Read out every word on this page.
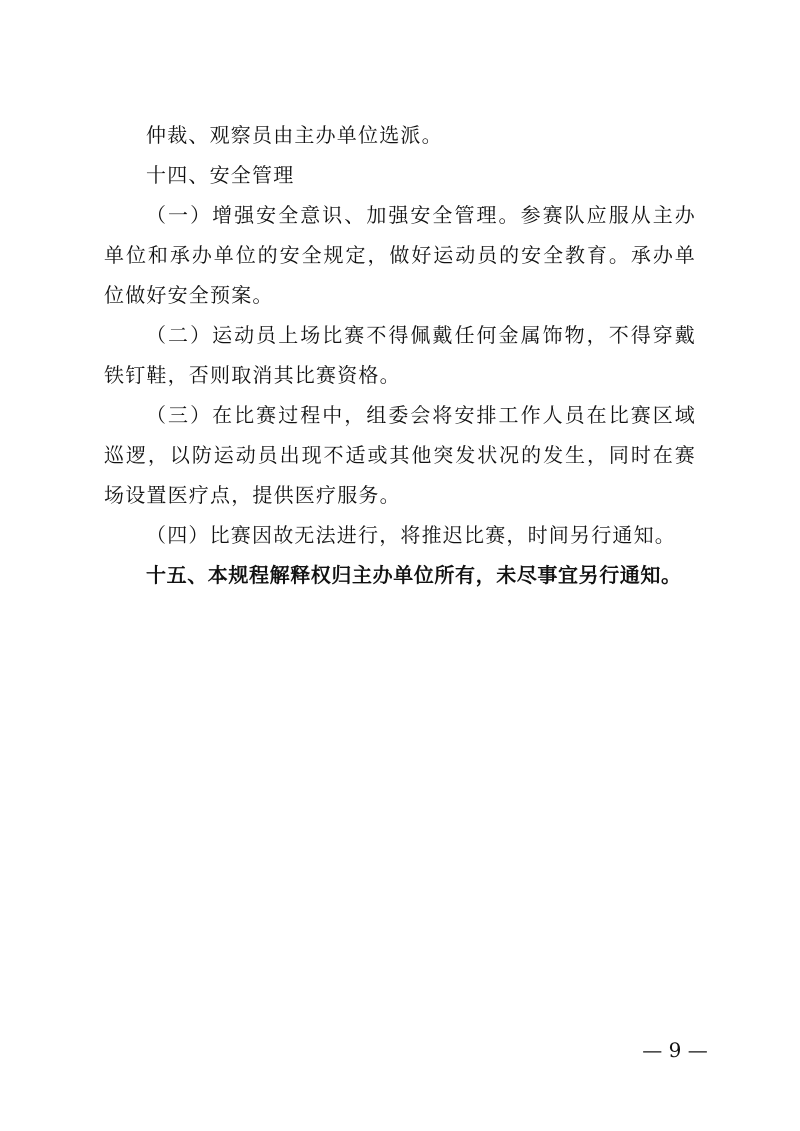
仲裁、观察员由主办单位选派。

十四、安全管理

（一）增强安全意识、加强安全管理。参赛队应服从主办单位和承办单位的安全规定，做好运动员的安全教育。承办单位做好安全预案。

（二）运动员上场比赛不得佩戴任何金属饰物，不得穿戴铁钉鞋，否则取消其比赛资格。

（三）在比赛过程中，组委会将安排工作人员在比赛区域巡逻，以防运动员出现不适或其他突发状况的发生，同时在赛场设置医疗点，提供医疗服务。

（四）比赛因故无法进行，将推迟比赛，时间另行通知。

十五、本规程解释权归主办单位所有，未尽事宜另行通知。

— 9 —
